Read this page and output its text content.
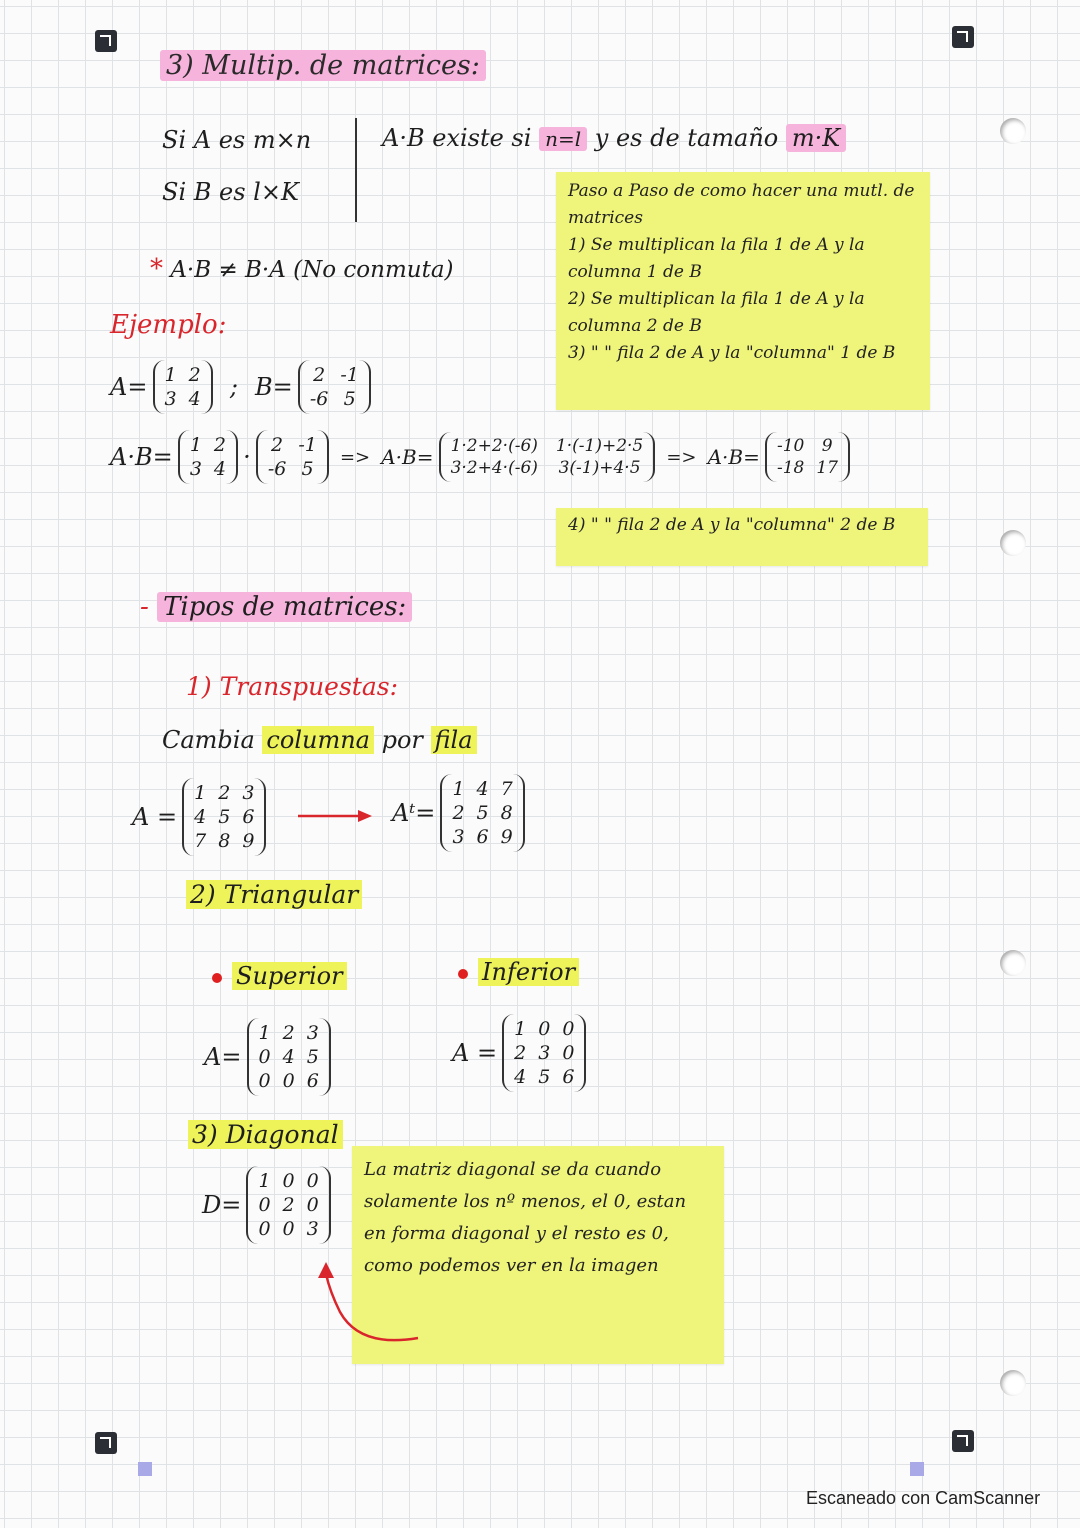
3) Multip. de matrices:
Si A es m×n
Si B es l×K
A·B existe si n=l y es de tamaño m·K
* A·B ≠ B·A (No conmuta)
Ejemplo:
A= 1 2
3 4 ; B= 2 -1
-6 5
A·B= 1 2
3 4 · 2 -1
-6 5
=> A·B= 1·2+2·(-6) 1·(-1)+2·5
3·2+4·(-6) 3(-1)+4·5
=> A·B= -10	9
-18 17
Paso a Paso de como hacer una mutl. de matrices
1) Se multiplican la fila 1 de A y la columna 1 de B
2) Se multiplican la fila 1 de A y la columna 2 de B
3) " " fila 2 de A y la "columna" 1 de B
4) " " fila 2 de A y la "columna" 2 de B
- Tipos de matrices:
1) Transpuestas:
Cambia columna por fila
A =
1 2 3
4 5 6
7 8 9
Aᵗ=
1 4 7
2 5 8
3 6 9
2) Triangular
Superior	Inferior
A=
1 2 3
0 4 5
0 0 6
A =
1 0 0
2 3 0
4 5 6
3) Diagonal
D=
1 0 0
0 2 0
0 0 3
La matriz diagonal se da cuando solamente los nº menos, el 0, estan en forma diagonal y el resto es 0, como podemos ver en la imagen
Escaneado con CamScanner
